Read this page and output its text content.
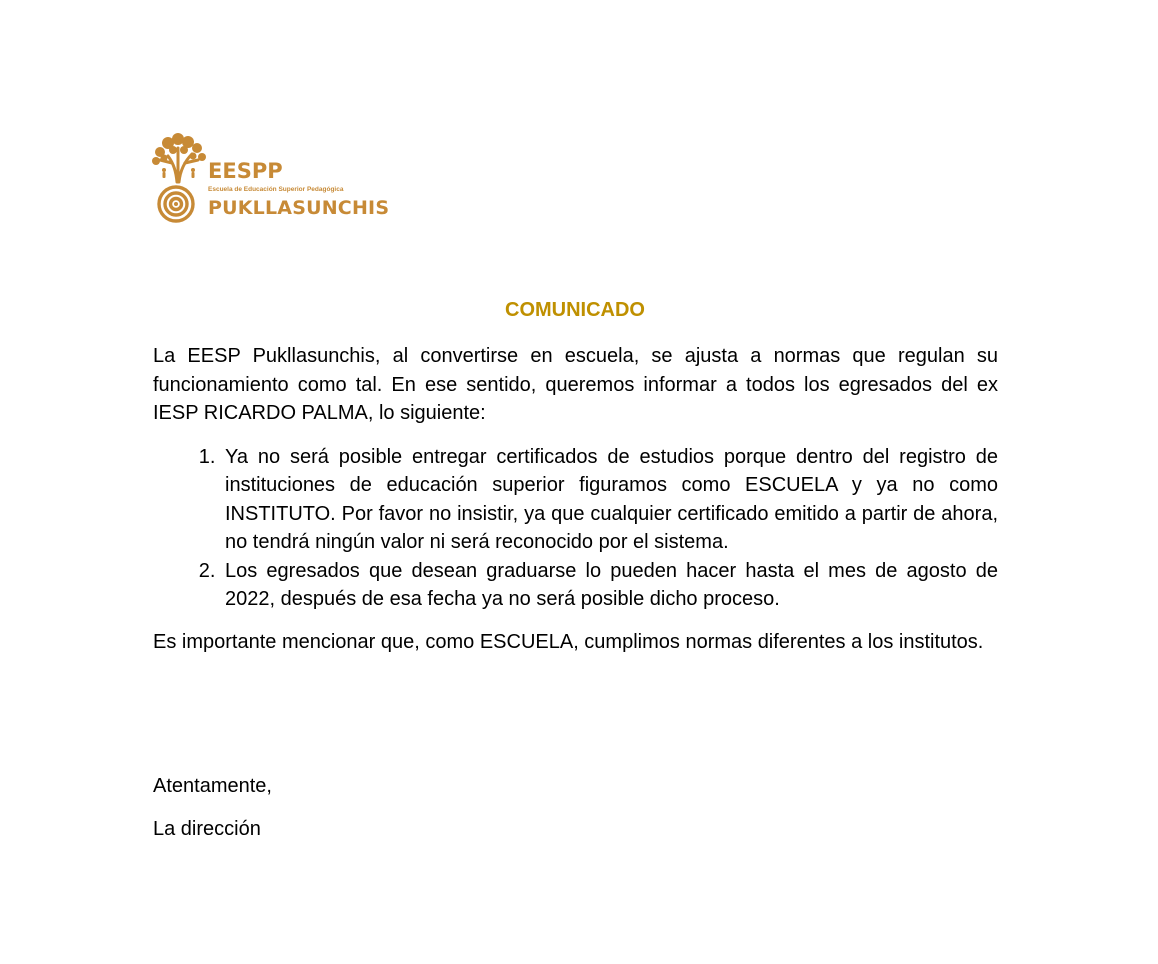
EESPP
Escuela de Educación Superior Pedagógica
PUKLLASUNCHIS
COMUNICADO

La EESP Pukllasunchis, al convertirse en escuela, se ajusta a normas que regulan su funcionamiento como tal. En ese sentido, queremos informar a todos los egresados del ex IESP RICARDO PALMA, lo siguiente:

1. Ya no será posible entregar certificados de estudios porque dentro del registro de instituciones de educación superior figuramos como ESCUELA y ya no como INSTITUTO. Por favor no insistir, ya que cualquier certificado emitido a partir de ahora, no tendrá ningún valor ni será reconocido por el sistema.
2. Los egresados que desean graduarse lo pueden hacer hasta el mes de agosto de 2022, después de esa fecha ya no será posible dicho proceso.

Es importante mencionar que, como ESCUELA, cumplimos normas diferentes a los institutos.

Atentamente,

La dirección
